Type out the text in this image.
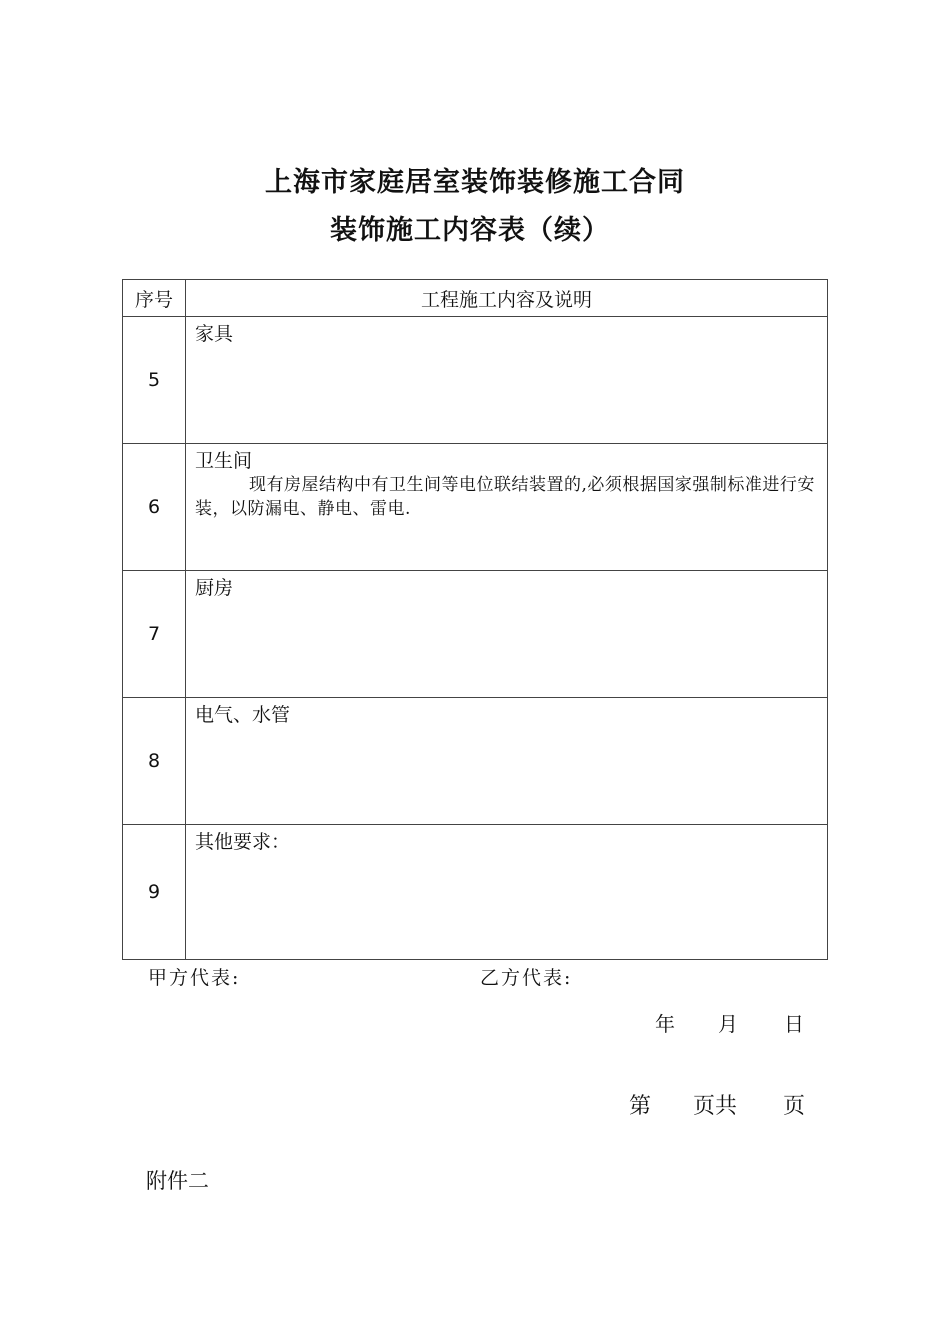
上海市家庭居室装饰装修施工合同
装饰施工内容表（续）
序号	工程施工内容及说明
5	家具

6	卫生间
现有房屋结构中有卫生间等电位联结装置的,必须根据国家强制标准进行安装，以防漏电、静电、雷电.

7	厨房

8	电气、水管

9	其他要求：
甲方代表:	乙方代表:
年 月 日
第 页共 页
附件二
